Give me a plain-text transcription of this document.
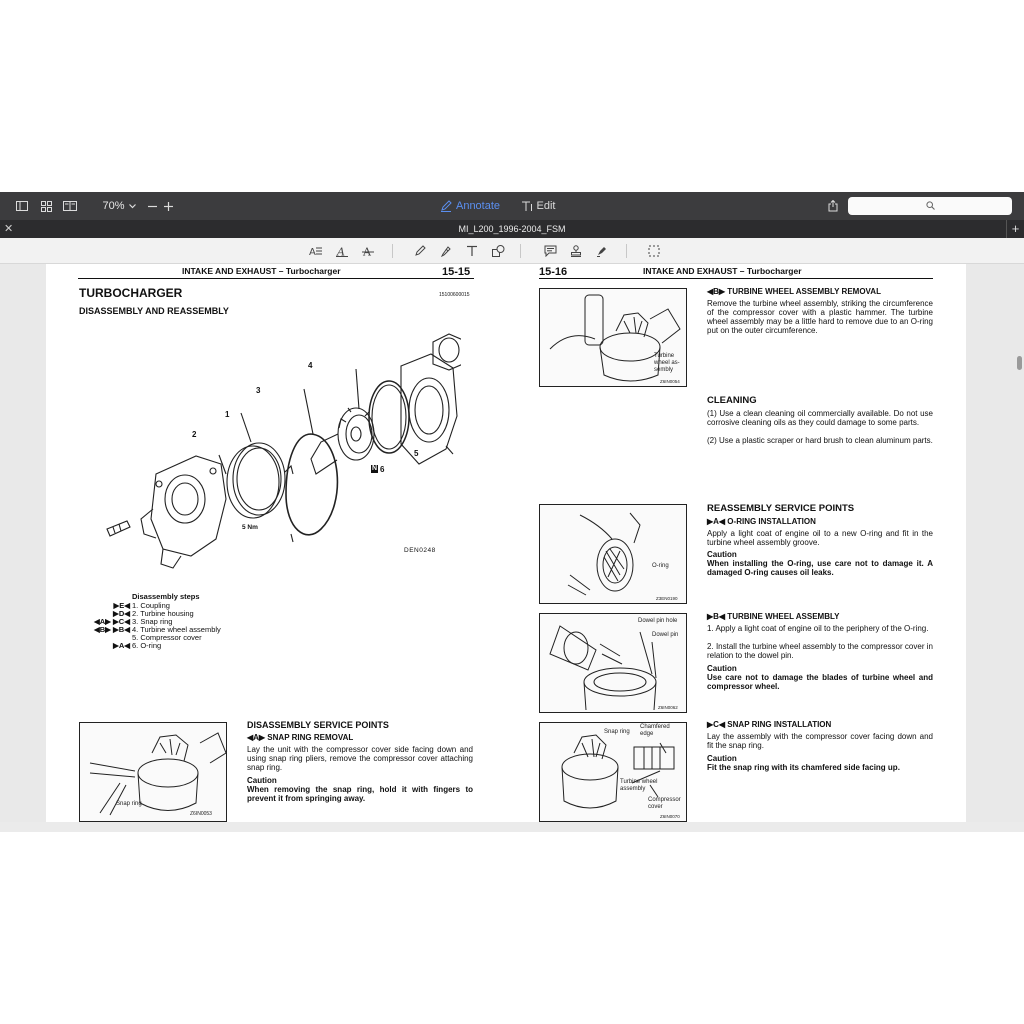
70%	Annotate	Edit
✕	MI_L200_1996-2004_FSM	+
A A A
INTAKE AND EXHAUST – Turbocharger	15-15
TURBOCHARGER
DISASSEMBLY AND REASSEMBLY
15100600015
1
2
3
4
5
N 6
5 Nm
DEN0248
Disassembly steps
▶E◀ 1. Coupling
▶D◀ 2. Turbine housing
◀A▶ ▶C◀ 3. Snap ring
◀B▶ ▶B◀ 4. Turbine wheel assembly
5. Compressor cover
▶A◀ 6. O-ring
Snap ring
Z6IN0053
DISASSEMBLY SERVICE POINTS
◀A▶ SNAP RING REMOVAL
Lay the unit with the compressor cover side facing down and using snap ring pliers, remove the compressor cover attaching snap ring.
Caution
When removing the snap ring, hold it with fingers to prevent it from springing away.
15-16	INTAKE AND EXHAUST – Turbocharger
Turbine wheel as-sembly
Z6IN0054
◀B▶ TURBINE WHEEL ASSEMBLY REMOVAL
Remove the turbine wheel assembly, striking the circumference of the compressor cover with a plastic hammer. The turbine wheel assembly may be a little hard to remove due to an O-ring put on the outer circumference.
CLEANING
(1) Use a clean cleaning oil commercially available. Do not use corrosive cleaning oils as they could damage to some parts.
(2) Use a plastic scraper or hard brush to clean aluminum parts.
O-ring
Z3EN0190
REASSEMBLY SERVICE POINTS
▶A◀ O-RING INSTALLATION
Apply a light coat of engine oil to a new O-ring and fit in the turbine wheel assembly groove.
Caution
When installing the O-ring, use care not to damage it. A damaged O-ring causes oil leaks.
Dowel pin hole
Dowel pin
Z6IN0062
▶B◀ TURBINE WHEEL ASSEMBLY
1. Apply a light coat of engine oil to the periphery of the O-ring.
2. Install the turbine wheel assembly to the compressor cover in relation to the dowel pin.
Caution
Use care not to damage the blades of turbine wheel and compressor wheel.
Snap ring
Chamfered edge
Turbine wheel assembly
Compressor cover
Z6IN0070
▶C◀ SNAP RING INSTALLATION
Lay the assembly with the compressor cover facing down and fit the snap ring.
Caution
Fit the snap ring with its chamfered side facing up.
